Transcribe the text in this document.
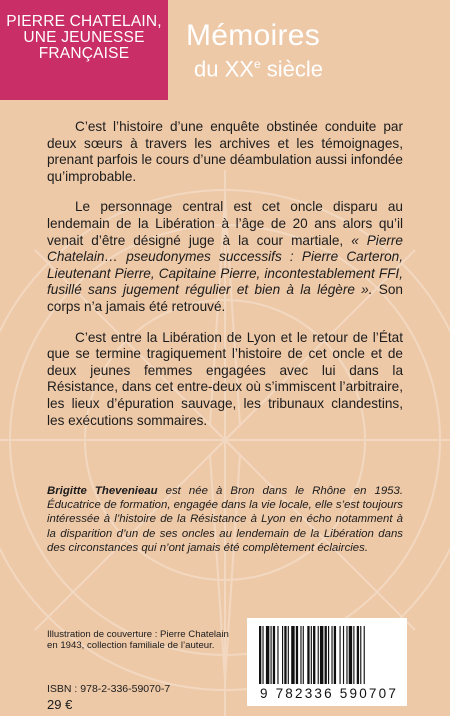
PIERRE CHATELAIN,
UNE JEUNESSE
FRANÇAISE
Mémoires
du XXe siècle

C’est l’histoire d’une enquête obstinée conduite par deux sœurs à travers les archives et les témoignages, prenant parfois le cours d’une déambulation aussi infondée qu’improbable.

Le personnage central est cet oncle disparu au lendemain de la Libération à l’âge de 20 ans alors qu’il venait d’être désigné juge à la cour martiale, « Pierre Chatelain… pseudonymes successifs : Pierre Carteron, Lieutenant Pierre, Capitaine Pierre, incontestablement FFI, fusillé sans jugement régulier et bien à la légère ». Son corps n’a jamais été retrouvé.

C’est entre la Libération de Lyon et le retour de l’État que se termine tragiquement l’histoire de cet oncle et de deux jeunes femmes engagées avec lui dans la Résistance, dans cet entre-deux où s’immiscent l’arbitraire, les lieux d’épuration sauvage, les tribunaux clandestins, les exécutions sommaires.

Brigitte Thevenieau est née à Bron dans le Rhône en 1953. Éducatrice de formation, engagée dans la vie locale, elle s’est toujours intéressée à l’histoire de la Résistance à Lyon en écho notamment à la disparition d’un de ses oncles au lendemain de la Libération dans des circonstances qui n’ont jamais été complètement éclaircies.
Illustration de couverture : Pierre Chatelain en 1943, collection familiale de l’auteur.
ISBN : 978-2-336-59070-7
29 €
9 782336 590707
